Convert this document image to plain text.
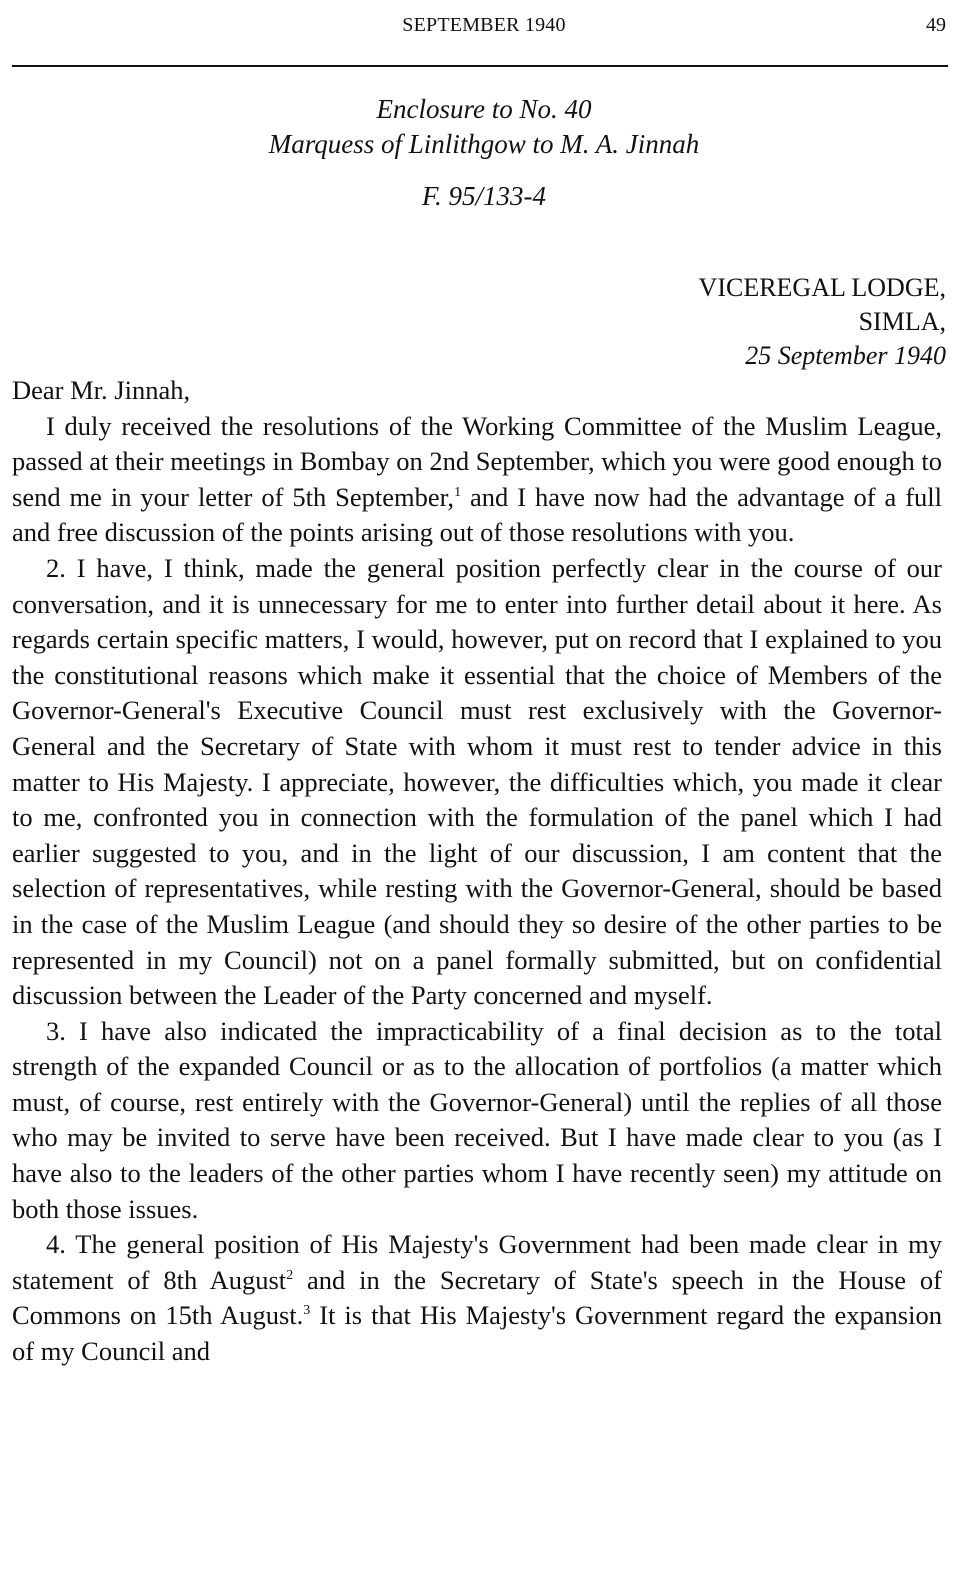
SEPTEMBER 1940	49
Enclosure to No. 40
Marquess of Linlithgow to M. A. Jinnah
F. 95/133-4
VICEREGAL LODGE,
SIMLA,
25 September 1940

Dear Mr. Jinnah,

I duly received the resolutions of the Working Committee of the Muslim League, passed at their meetings in Bombay on 2nd September, which you were good enough to send me in your letter of 5th September,$^1$ and I have now had the advantage of a full and free discussion of the points arising out of those resolutions with you.

2. I have, I think, made the general position perfectly clear in the course of our conversation, and it is unnecessary for me to enter into further detail about it here. As regards certain specific matters, I would, however, put on record that I explained to you the constitutional reasons which make it essential that the choice of Members of the Governor-General's Executive Council must rest exclusively with the Governor-General and the Secretary of State with whom it must rest to tender advice in this matter to His Majesty. I appreciate, however, the difficulties which, you made it clear to me, confronted you in connection with the formulation of the panel which I had earlier suggested to you, and in the light of our discussion, I am content that the selection of representatives, while resting with the Governor-General, should be based in the case of the Muslim League (and should they so desire of the other parties to be represented in my Council) not on a panel formally submitted, but on confidential discussion between the Leader of the Party concerned and myself.

3. I have also indicated the impracticability of a final decision as to the total strength of the expanded Council or as to the allocation of portfolios (a matter which must, of course, rest entirely with the Governor-General) until the replies of all those who may be invited to serve have been received. But I have made clear to you (as I have also to the leaders of the other parties whom I have recently seen) my attitude on both those issues.

4. The general position of His Majesty's Government had been made clear in my statement of 8th August$^2$ and in the Secretary of State's speech in the House of Commons on 15th August.$^3$ It is that His Majesty's Government regard the expansion of my Council and
